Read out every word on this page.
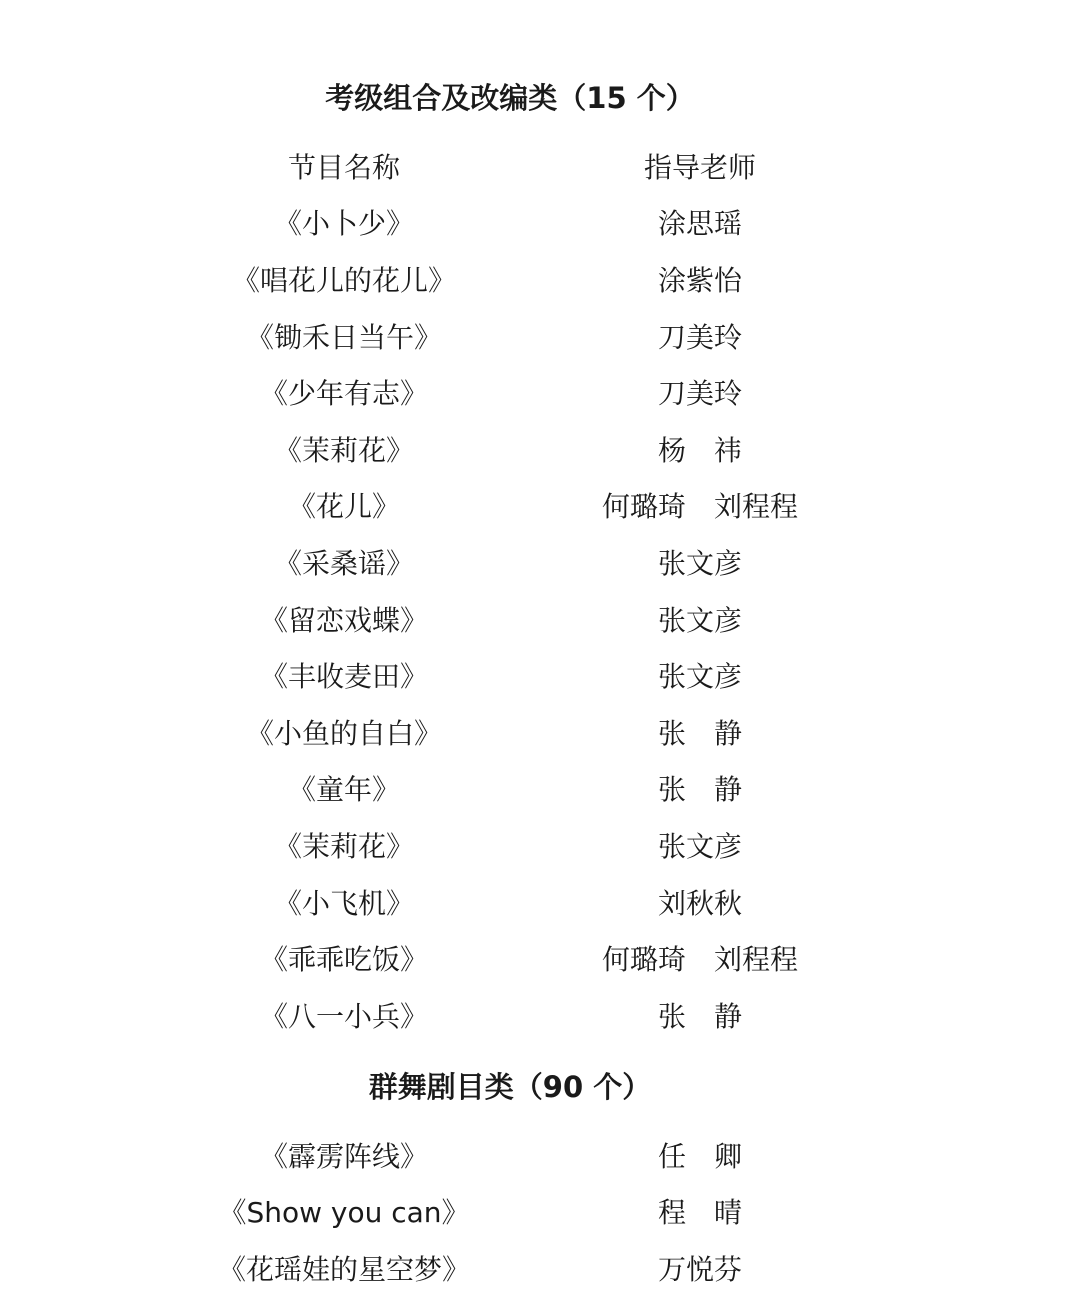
考级组合及改编类（15 个）
节目名称	指导老师
《小卜少》	涂思瑶
《唱花儿的花儿》	涂紫怡
《锄禾日当午》	刀美玲
《少年有志》	刀美玲
《茉莉花》	杨　祎
《花儿》	何璐琦　刘程程
《采桑谣》	张文彦
《留恋戏蝶》	张文彦
《丰收麦田》	张文彦
《小鱼的自白》	张　静
《童年》	张　静
《茉莉花》	张文彦
《小飞机》	刘秋秋
《乖乖吃饭》	何璐琦　刘程程
《八一小兵》	张　静
群舞剧目类（90 个）
《霹雳阵线》	任　卿
《Show you can》	程　晴
《花瑶娃的星空梦》	万悦芬
